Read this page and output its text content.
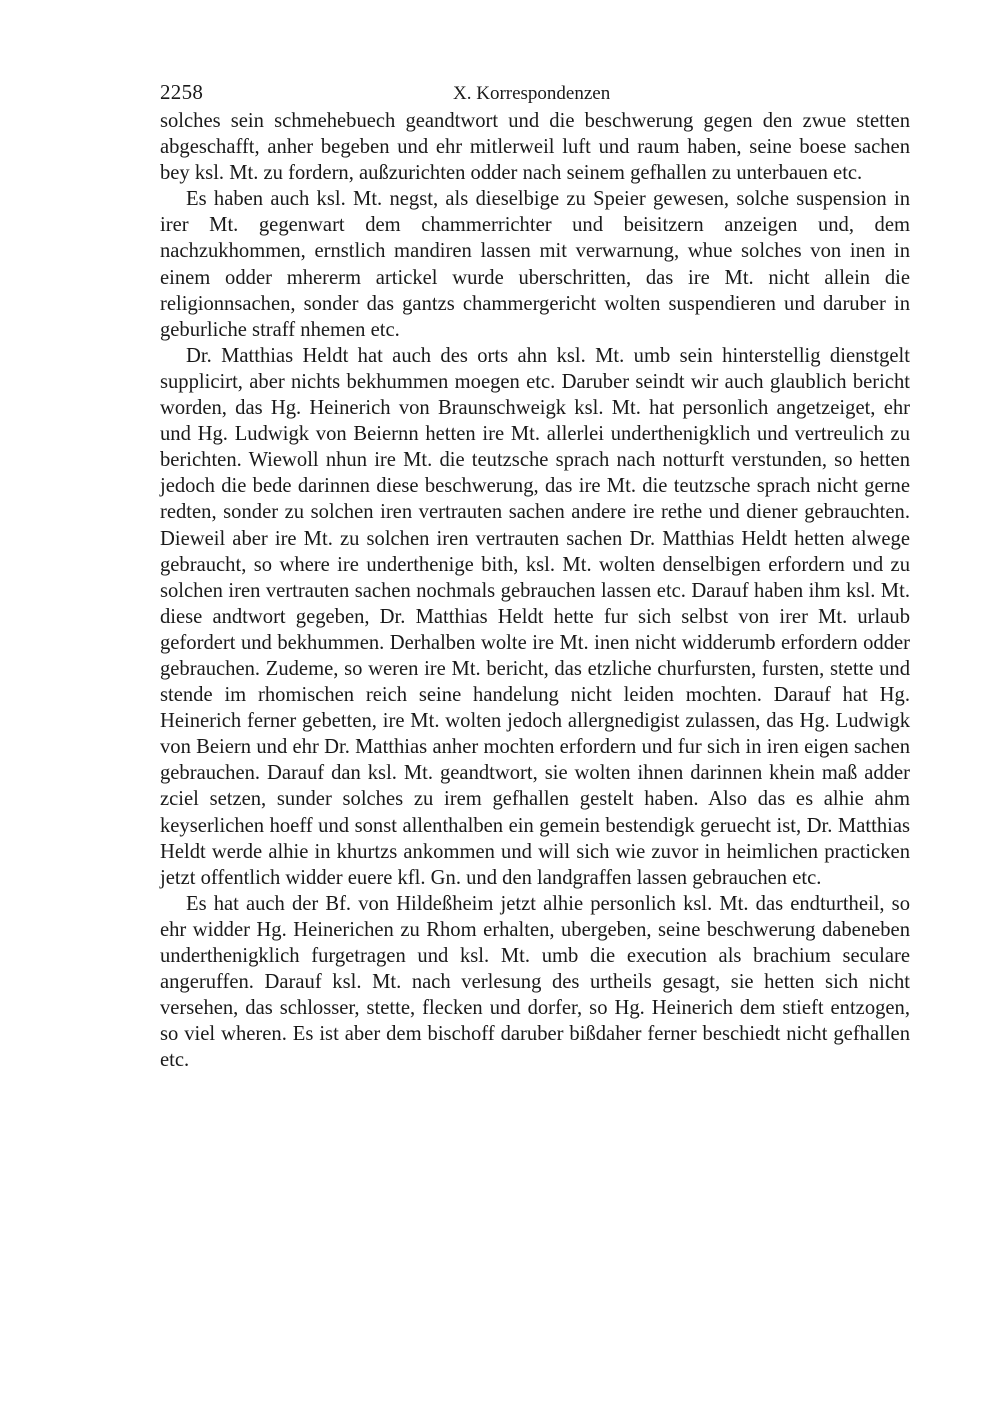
2258	X. Korrespondenzen

solches sein schmehebuech geandtwort und die beschwerung gegen den zwue stetten abgeschafft, anher begeben und ehr mitlerweil luft und raum haben, seine boese sachen bey ksl. Mt. zu fordern, außzurichten odder nach seinem gefhallen zu unterbauen etc.

Es haben auch ksl. Mt. negst, als dieselbige zu Speier gewesen, solche suspension in irer Mt. gegenwart dem chammerrichter und beisitzern anzeigen und, dem nachzukhommen, ernstlich mandiren lassen mit verwarnung, whue solches von inen in einem odder mhererm artickel wurde uberschritten, das ire Mt. nicht allein die religionnsachen, sonder das gantzs chammergericht wolten suspendieren und daruber in geburliche straff nhemen etc.

Dr. Matthias Heldt hat auch des orts ahn ksl. Mt. umb sein hinterstellig dienstgelt supplicirt, aber nichts bekhummen moegen etc. Daruber seindt wir auch glaublich bericht worden, das Hg. Heinerich von Braunschweigk ksl. Mt. hat personlich angetzeiget, ehr und Hg. Ludwigk von Beiernn hetten ire Mt. allerlei underthenigklich und vertreulich zu berichten. Wiewoll nhun ire Mt. die teutzsche sprach nach notturft verstunden, so hetten jedoch die bede darinnen diese beschwerung, das ire Mt. die teutzsche sprach nicht gerne redten, sonder zu solchen iren vertrauten sachen andere ire rethe und diener gebrauchten. Dieweil aber ire Mt. zu solchen iren vertrauten sachen Dr. Matthias Heldt hetten alwege gebraucht, so where ire underthenige bith, ksl. Mt. wolten denselbigen erfordern und zu solchen iren vertrauten sachen nochmals gebrauchen lassen etc. Darauf haben ihm ksl. Mt. diese andtwort gegeben, Dr. Matthias Heldt hette fur sich selbst von irer Mt. urlaub gefordert und bekhummen. Derhalben wolte ire Mt. inen nicht widderumb erfordern odder gebrauchen. Zudeme, so weren ire Mt. bericht, das etzliche churfursten, fursten, stette und stende im rhomischen reich seine handelung nicht leiden mochten. Darauf hat Hg. Heinerich ferner gebetten, ire Mt. wolten jedoch allergnedigist zulassen, das Hg. Ludwigk von Beiern und ehr Dr. Matthias anher mochten erfordern und fur sich in iren eigen sachen gebrauchen. Darauf dan ksl. Mt. geandtwort, sie wolten ihnen darinnen khein maß adder zciel setzen, sunder solches zu irem gefhallen gestelt haben. Also das es alhie ahm keyserlichen hoeff und sonst allenthalben ein gemein bestendigk geruecht ist, Dr. Matthias Heldt werde alhie in khurtzs ankommen und will sich wie zuvor in heimlichen practicken jetzt offentlich widder euere kfl. Gn. und den landgraffen lassen gebrauchen etc.

Es hat auch der Bf. von Hildeßheim jetzt alhie personlich ksl. Mt. das endturtheil, so ehr widder Hg. Heinerichen zu Rhom erhalten, ubergeben, seine beschwerung dabeneben underthenigklich furgetragen und ksl. Mt. umb die execution als brachium seculare angeruffen. Darauf ksl. Mt. nach verlesung des urtheils gesagt, sie hetten sich nicht versehen, das schlosser, stette, flecken und dorfer, so Hg. Heinerich dem stieft entzogen, so viel wheren. Es ist aber dem bischoff daruber bißdaher ferner beschiedt nicht gefhallen etc.
